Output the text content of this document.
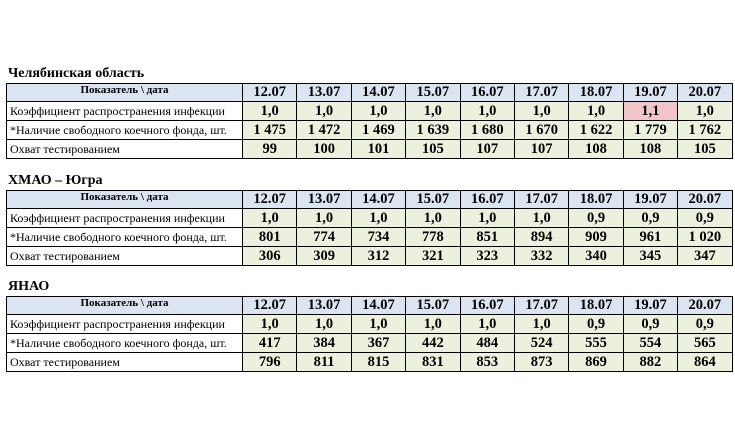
Челябинская область
Показатель \ дата	12.07	13.07	14.07	15.07	16.07	17.07	18.07	19.07	20.07
Коэффициент распространения инфекции	1,0	1,0	1,0	1,0	1,0	1,0	1,0	1,1	1,0
*Наличие свободного коечного фонда, шт.	1 475	1 472	1 469	1 639	1 680	1 670	1 622	1 779	1 762
Охват тестированием	99	100	101	105	107	107	108	108	105
ХМАО – Югра
Показатель \ дата	12.07	13.07	14.07	15.07	16.07	17.07	18.07	19.07	20.07
Коэффициент распространения инфекции	1,0	1,0	1,0	1,0	1,0	1,0	0,9	0,9	0,9
*Наличие свободного коечного фонда, шт.	801	774	734	778	851	894	909	961	1 020
Охват тестированием	306	309	312	321	323	332	340	345	347
ЯНАО
Показатель \ дата	12.07	13.07	14.07	15.07	16.07	17.07	18.07	19.07	20.07
Коэффициент распространения инфекции	1,0	1,0	1,0	1,0	1,0	1,0	0,9	0,9	0,9
*Наличие свободного коечного фонда, шт.	417	384	367	442	484	524	555	554	565
Охват тестированием	796	811	815	831	853	873	869	882	864
